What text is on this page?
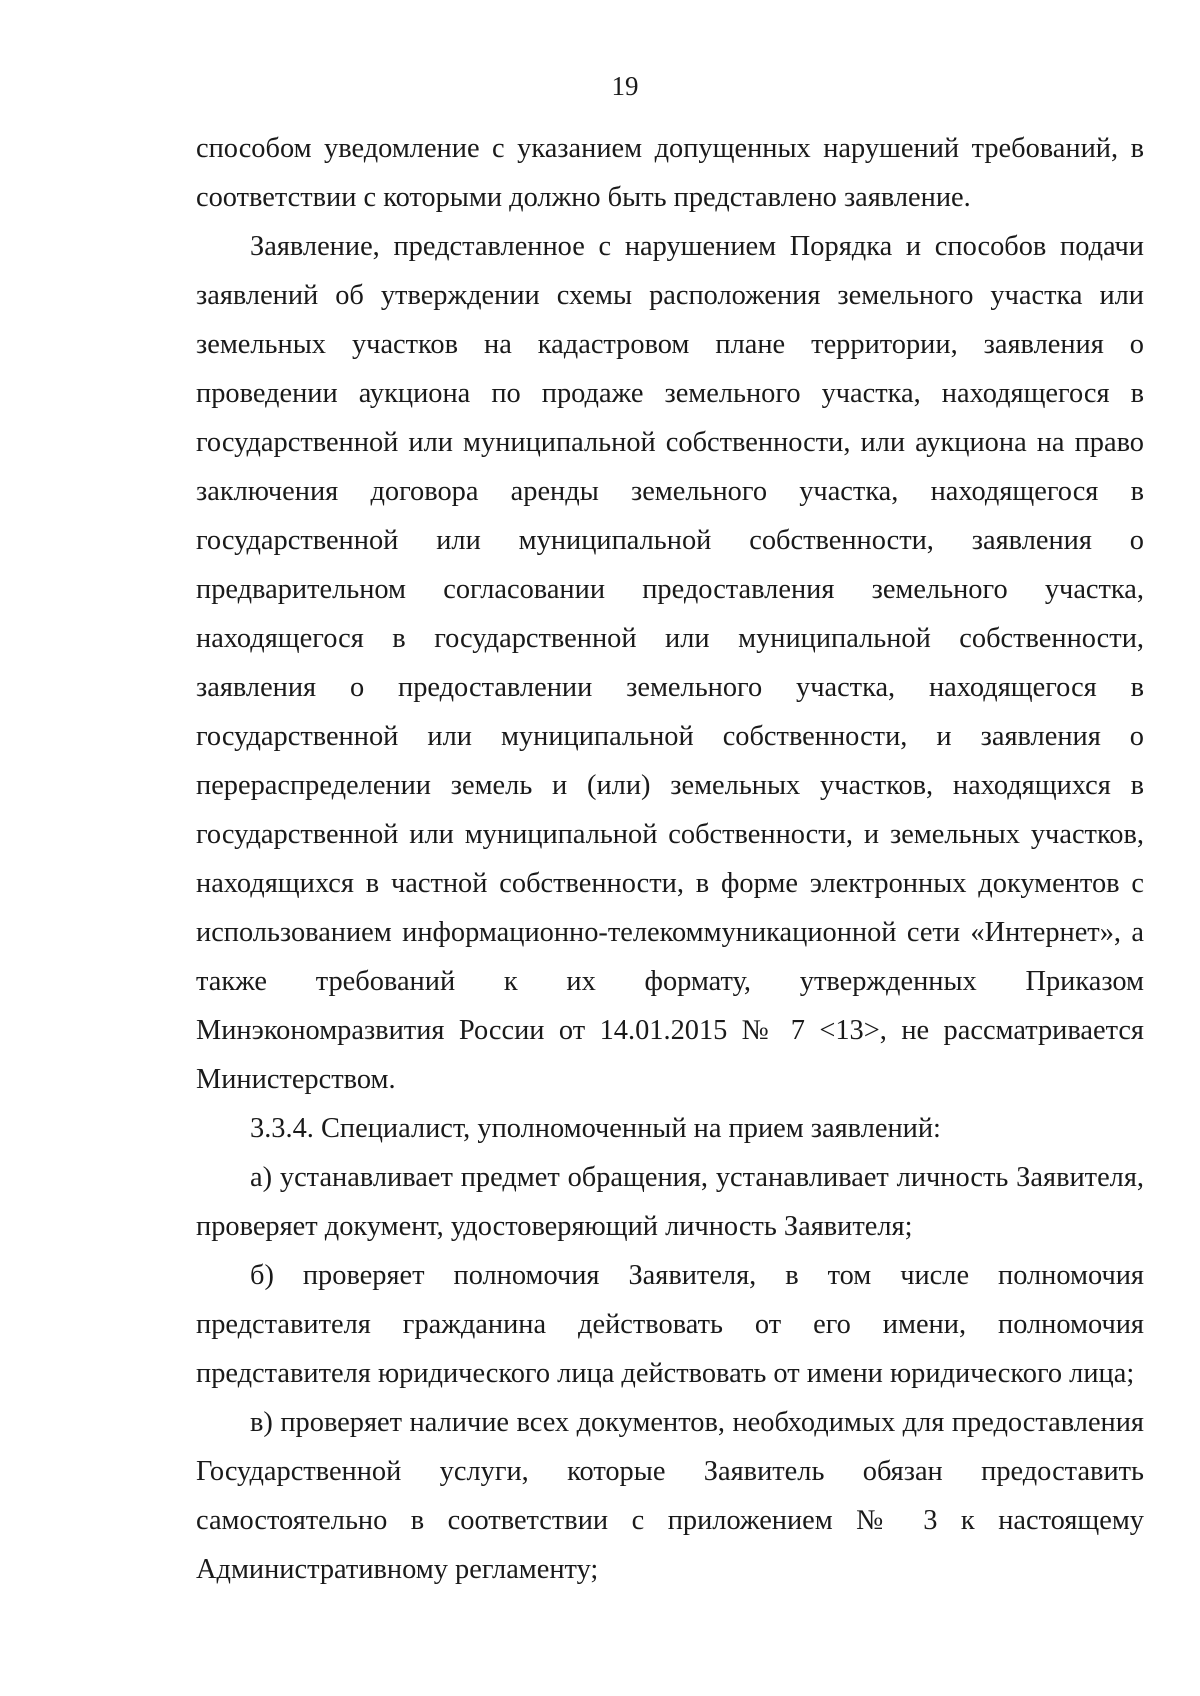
19

способом уведомление с указанием допущенных нарушений требований, в соответствии с которыми должно быть представлено заявление.

Заявление, представленное с нарушением Порядка и способов подачи заявлений об утверждении схемы расположения земельного участка или земельных участков на кадастровом плане территории, заявления о проведении аукциона по продаже земельного участка, находящегося в государственной или муниципальной собственности, или аукциона на право заключения договора аренды земельного участка, находящегося в государственной или муниципальной собственности, заявления о предварительном согласовании предоставления земельного участка, находящегося в государственной или муниципальной собственности, заявления о предоставлении земельного участка, находящегося в государственной или муниципальной собственности, и заявления о перераспределении земель и (или) земельных участков, находящихся в государственной или муниципальной собственности, и земельных участков, находящихся в частной собственности, в форме электронных документов с использованием информационно-телекоммуникационной сети «Интернет», а также требований к их формату, утвержденных Приказом Минэкономразвития России от 14.01.2015 № 7 <13>, не рассматривается Министерством.

3.3.4. Специалист, уполномоченный на прием заявлений:

а) устанавливает предмет обращения, устанавливает личность Заявителя, проверяет документ, удостоверяющий личность Заявителя;

б) проверяет полномочия Заявителя, в том числе полномочия представителя гражданина действовать от его имени, полномочия представителя юридического лица действовать от имени юридического лица;

в) проверяет наличие всех документов, необходимых для предоставления Государственной услуги, которые Заявитель обязан предоставить самостоятельно в соответствии с приложением № 3 к настоящему Административному регламенту;
